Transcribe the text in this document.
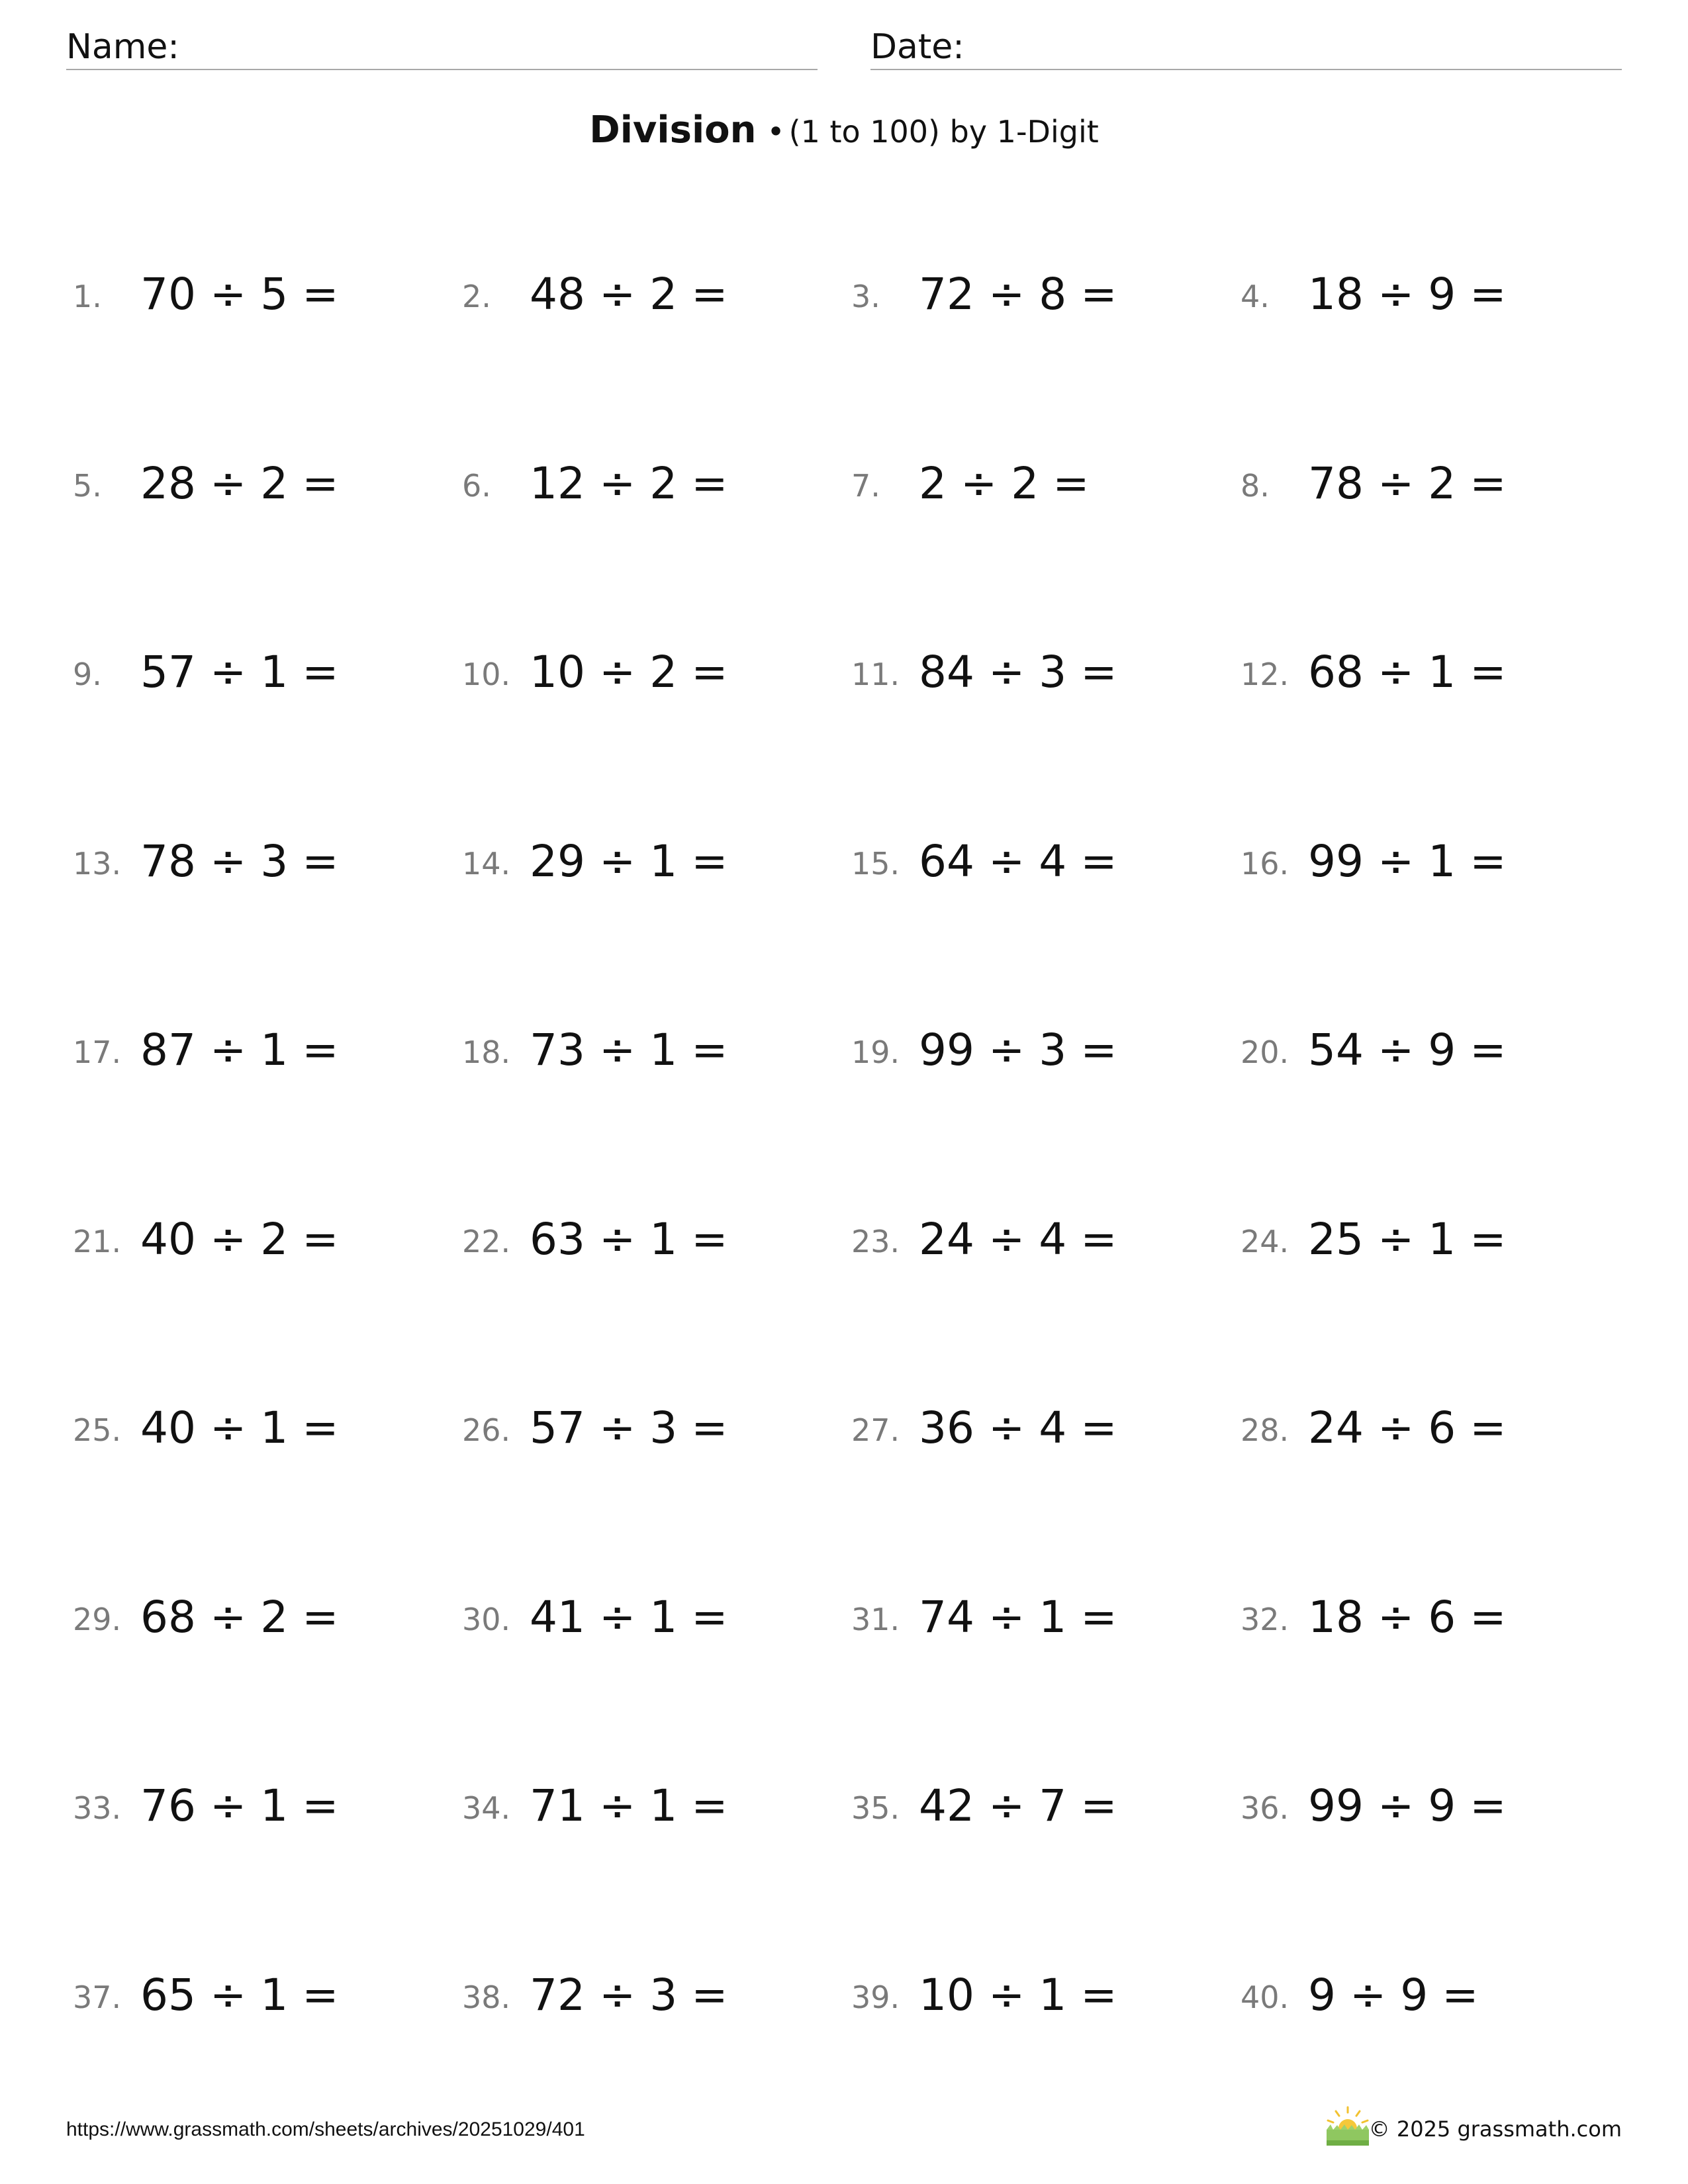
Name:	Date:
Division • (1 to 100) by 1-Digit
1. 70 ÷ 5 =	2. 48 ÷ 2 =	3. 72 ÷ 8 =	4. 18 ÷ 9 =
5. 28 ÷ 2 =	6. 12 ÷ 2 =	7. 2 ÷ 2 =	8. 78 ÷ 2 =
9. 57 ÷ 1 =	10. 10 ÷ 2 =	11. 84 ÷ 3 =	12. 68 ÷ 1 =
13. 78 ÷ 3 =	14. 29 ÷ 1 =	15. 64 ÷ 4 =	16. 99 ÷ 1 =
17. 87 ÷ 1 =	18. 73 ÷ 1 =	19. 99 ÷ 3 =	20. 54 ÷ 9 =
21. 40 ÷ 2 =	22. 63 ÷ 1 =	23. 24 ÷ 4 =	24. 25 ÷ 1 =
25. 40 ÷ 1 =	26. 57 ÷ 3 =	27. 36 ÷ 4 =	28. 24 ÷ 6 =
29. 68 ÷ 2 =	30. 41 ÷ 1 =	31. 74 ÷ 1 =	32. 18 ÷ 6 =
33. 76 ÷ 1 =	34. 71 ÷ 1 =	35. 42 ÷ 7 =	36. 99 ÷ 9 =
37. 65 ÷ 1 =	38. 72 ÷ 3 =	39. 10 ÷ 1 =	40. 9 ÷ 9 =
https://www.grassmath.com/sheets/archives/20251029/401	© 2025 grassmath.com
